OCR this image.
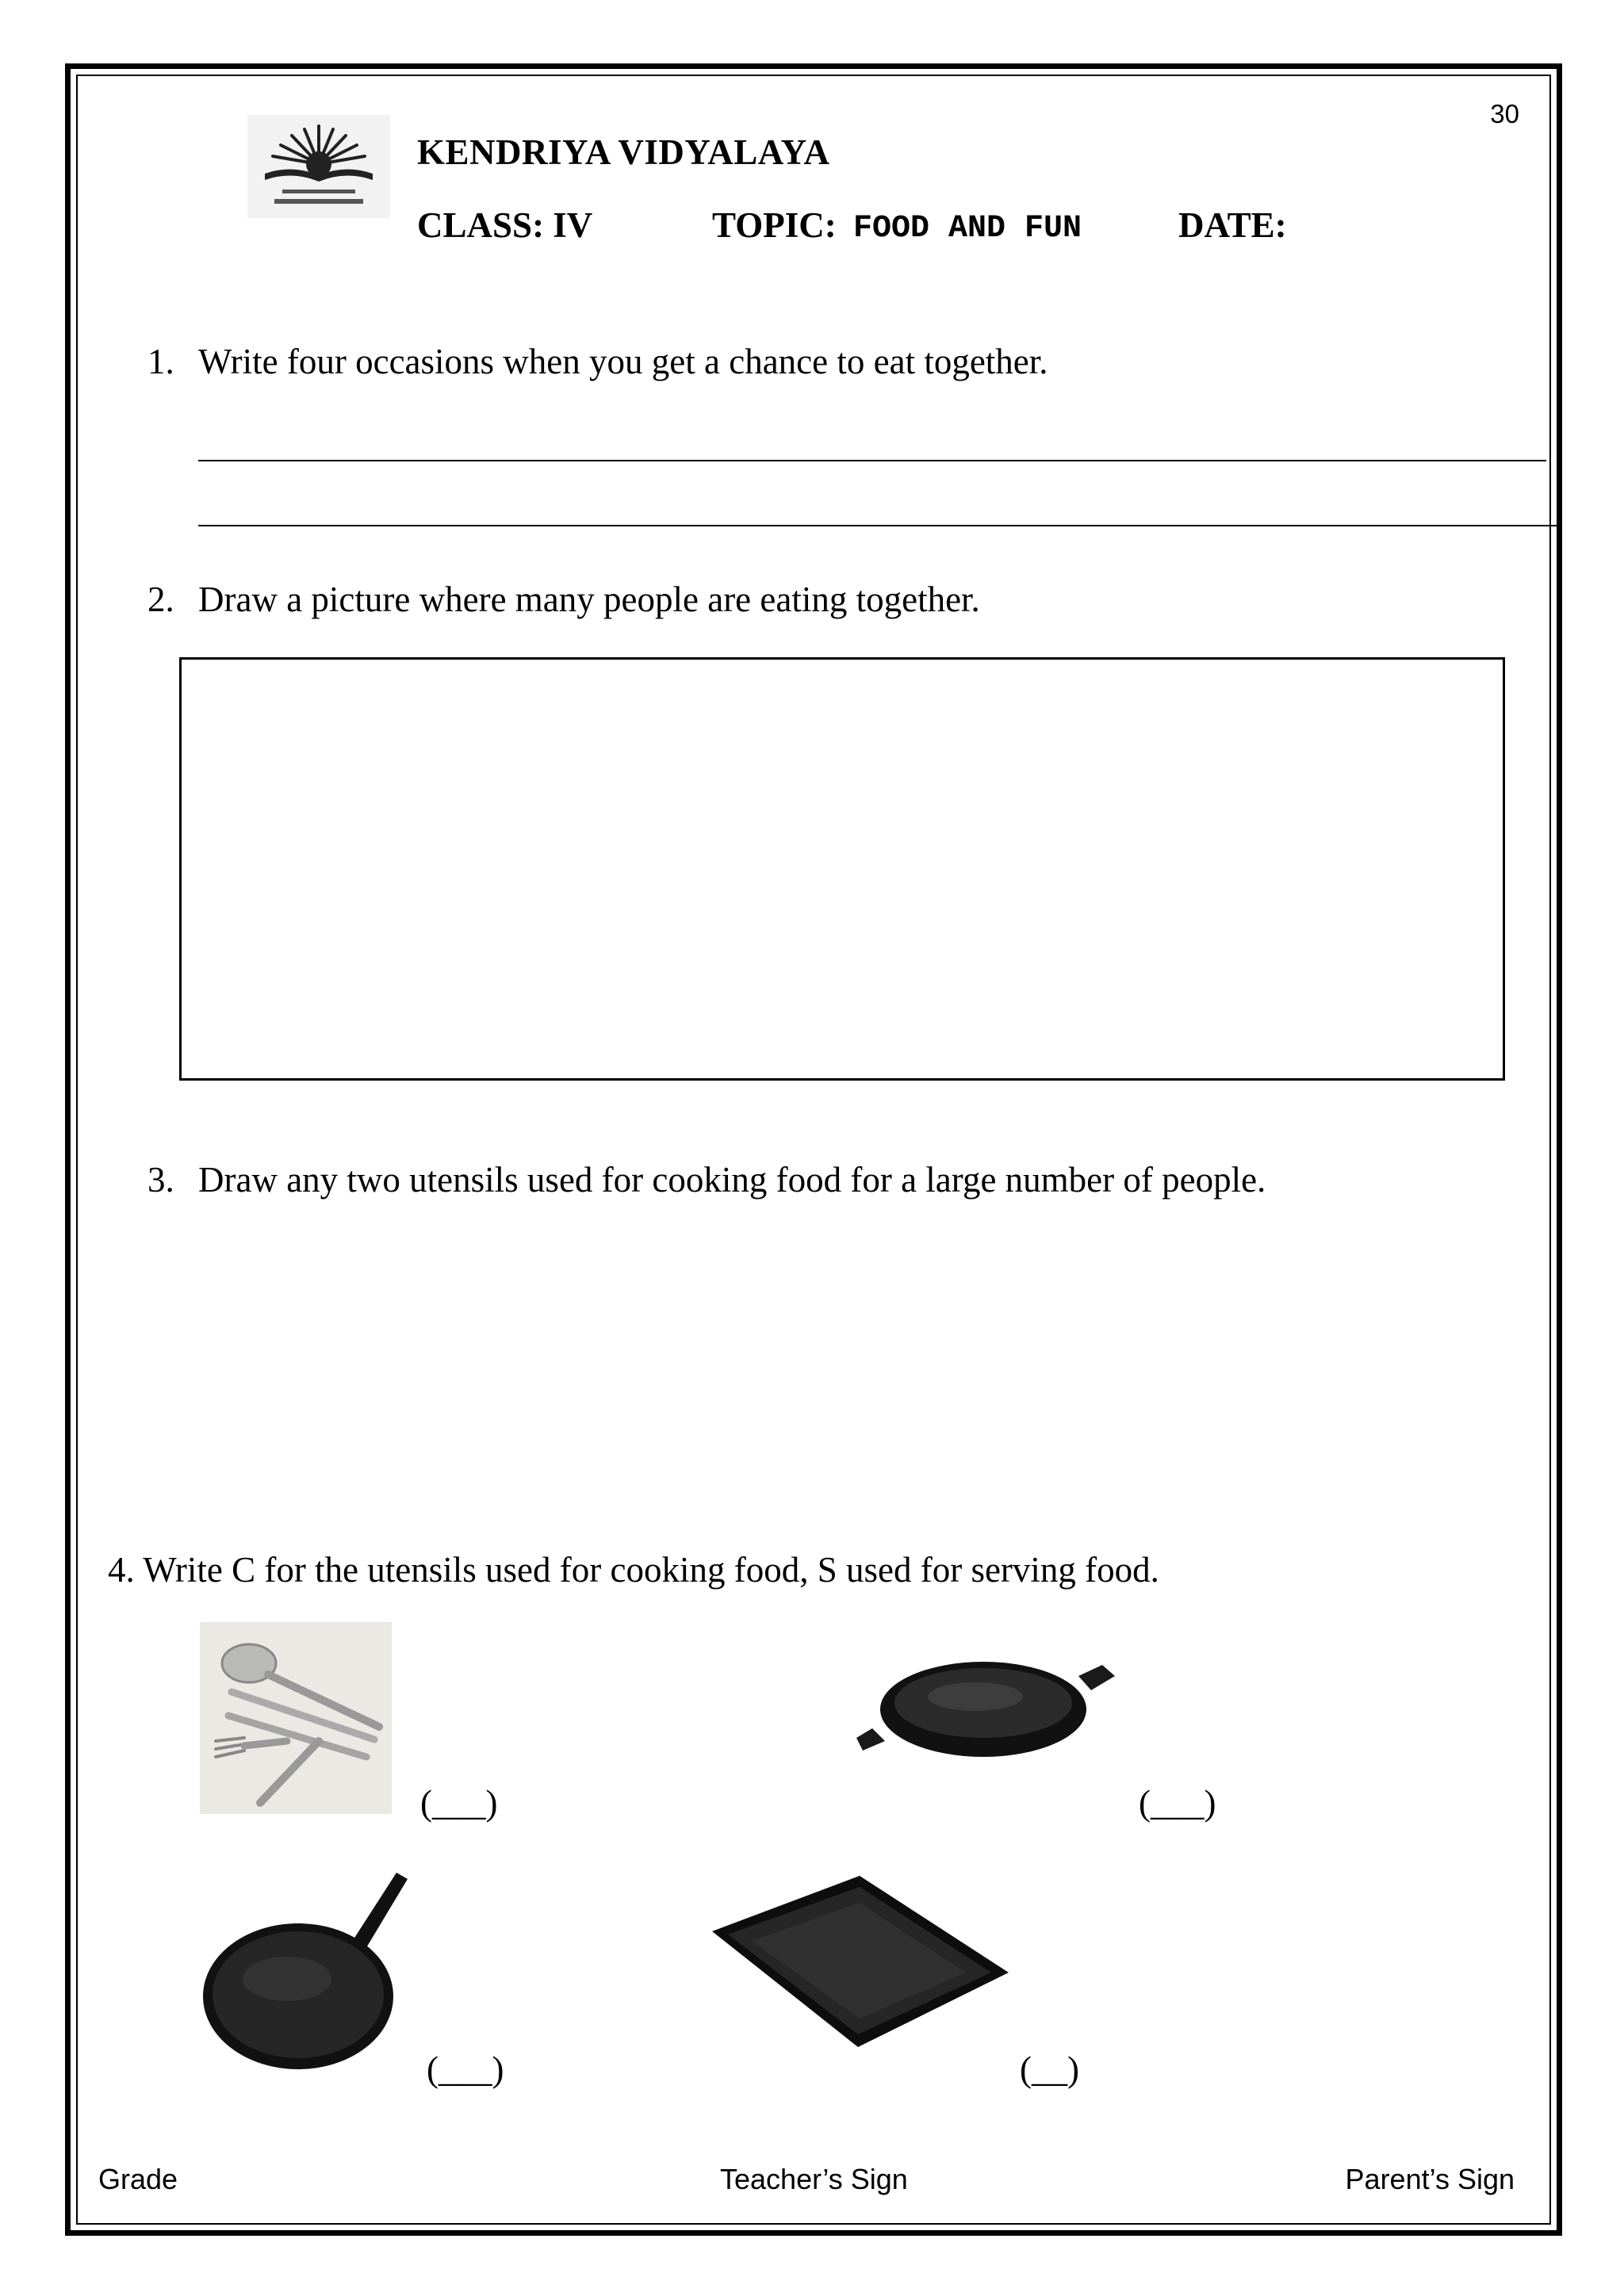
30
KENDRIYA VIDYALAYA
CLASS: IV	TOPIC: FOOD AND FUN	DATE:
1. Write four occasions when you get a chance to eat together.
2. Draw a picture where many people are eating together.
3. Draw any two utensils used for cooking food for a large number of people.
4. Write C for the utensils used for cooking food, S used for serving food.
(___)	(___)
(___)	(__)
Grade	Teacher’s Sign	Parent’s Sign
